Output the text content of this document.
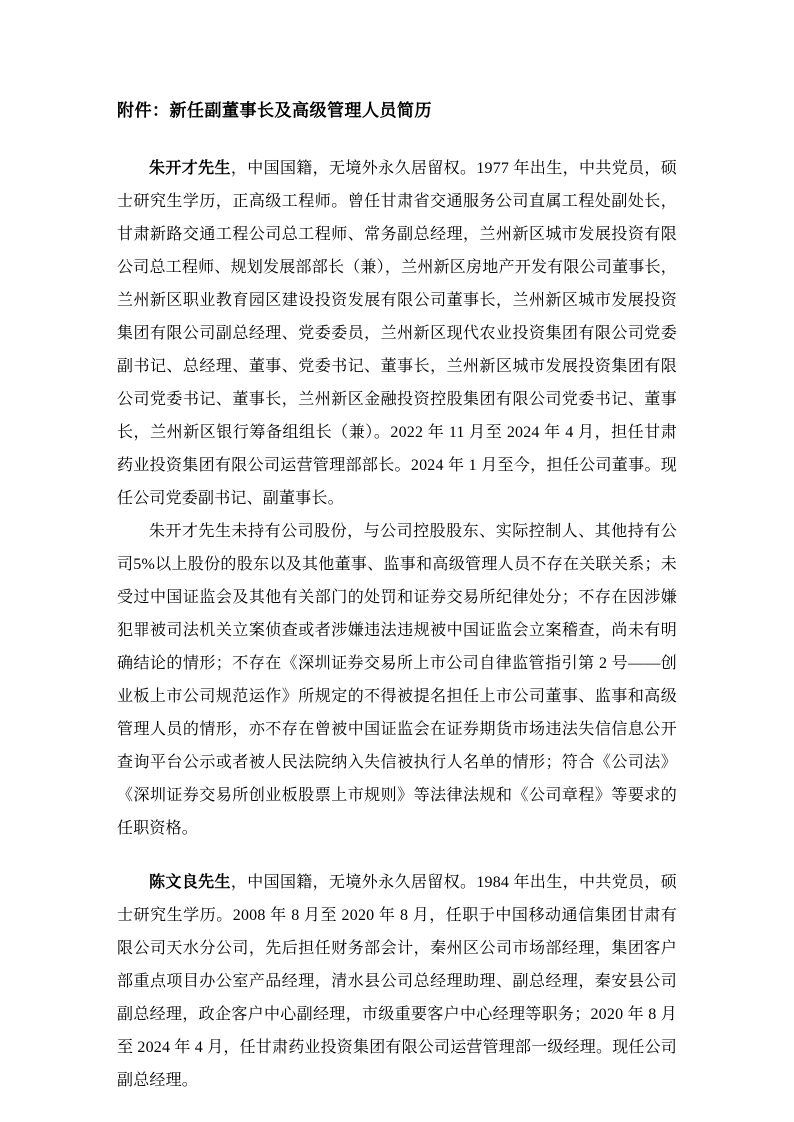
附件：新任副董事长及高级管理人员简历

朱开才先生，中国国籍，无境外永久居留权。1977 年出生，中共党员，硕士研究生学历，正高级工程师。曾任甘肃省交通服务公司直属工程处副处长，甘肃新路交通工程公司总工程师、常务副总经理，兰州新区城市发展投资有限公司总工程师、规划发展部部长（兼），兰州新区房地产开发有限公司董事长，兰州新区职业教育园区建设投资发展有限公司董事长，兰州新区城市发展投资集团有限公司副总经理、党委委员，兰州新区现代农业投资集团有限公司党委副书记、总经理、董事、党委书记、董事长，兰州新区城市发展投资集团有限公司党委书记、董事长，兰州新区金融投资控股集团有限公司党委书记、董事长，兰州新区银行筹备组组长（兼）。2022 年 11 月至 2024 年 4 月，担任甘肃药业投资集团有限公司运营管理部部长。2024 年 1 月至今，担任公司董事。现任公司党委副书记、副董事长。

朱开才先生未持有公司股份，与公司控股股东、实际控制人、其他持有公司5%以上股份的股东以及其他董事、监事和高级管理人员不存在关联关系；未受过中国证监会及其他有关部门的处罚和证券交易所纪律处分；不存在因涉嫌犯罪被司法机关立案侦查或者涉嫌违法违规被中国证监会立案稽查，尚未有明确结论的情形；不存在《深圳证券交易所上市公司自律监管指引第 2 号——创业板上市公司规范运作》所规定的不得被提名担任上市公司董事、监事和高级管理人员的情形，亦不存在曾被中国证监会在证券期货市场违法失信信息公开查询平台公示或者被人民法院纳入失信被执行人名单的情形；符合《公司法》《深圳证券交易所创业板股票上市规则》等法律法规和《公司章程》等要求的任职资格。

陈文良先生，中国国籍，无境外永久居留权。1984 年出生，中共党员，硕士研究生学历。2008 年 8 月至 2020 年 8 月，任职于中国移动通信集团甘肃有限公司天水分公司，先后担任财务部会计，秦州区公司市场部经理，集团客户部重点项目办公室产品经理，清水县公司总经理助理、副总经理，秦安县公司副总经理，政企客户中心副经理，市级重要客户中心经理等职务；2020 年 8 月至 2024 年 4 月，任甘肃药业投资集团有限公司运营管理部一级经理。现任公司副总经理。
